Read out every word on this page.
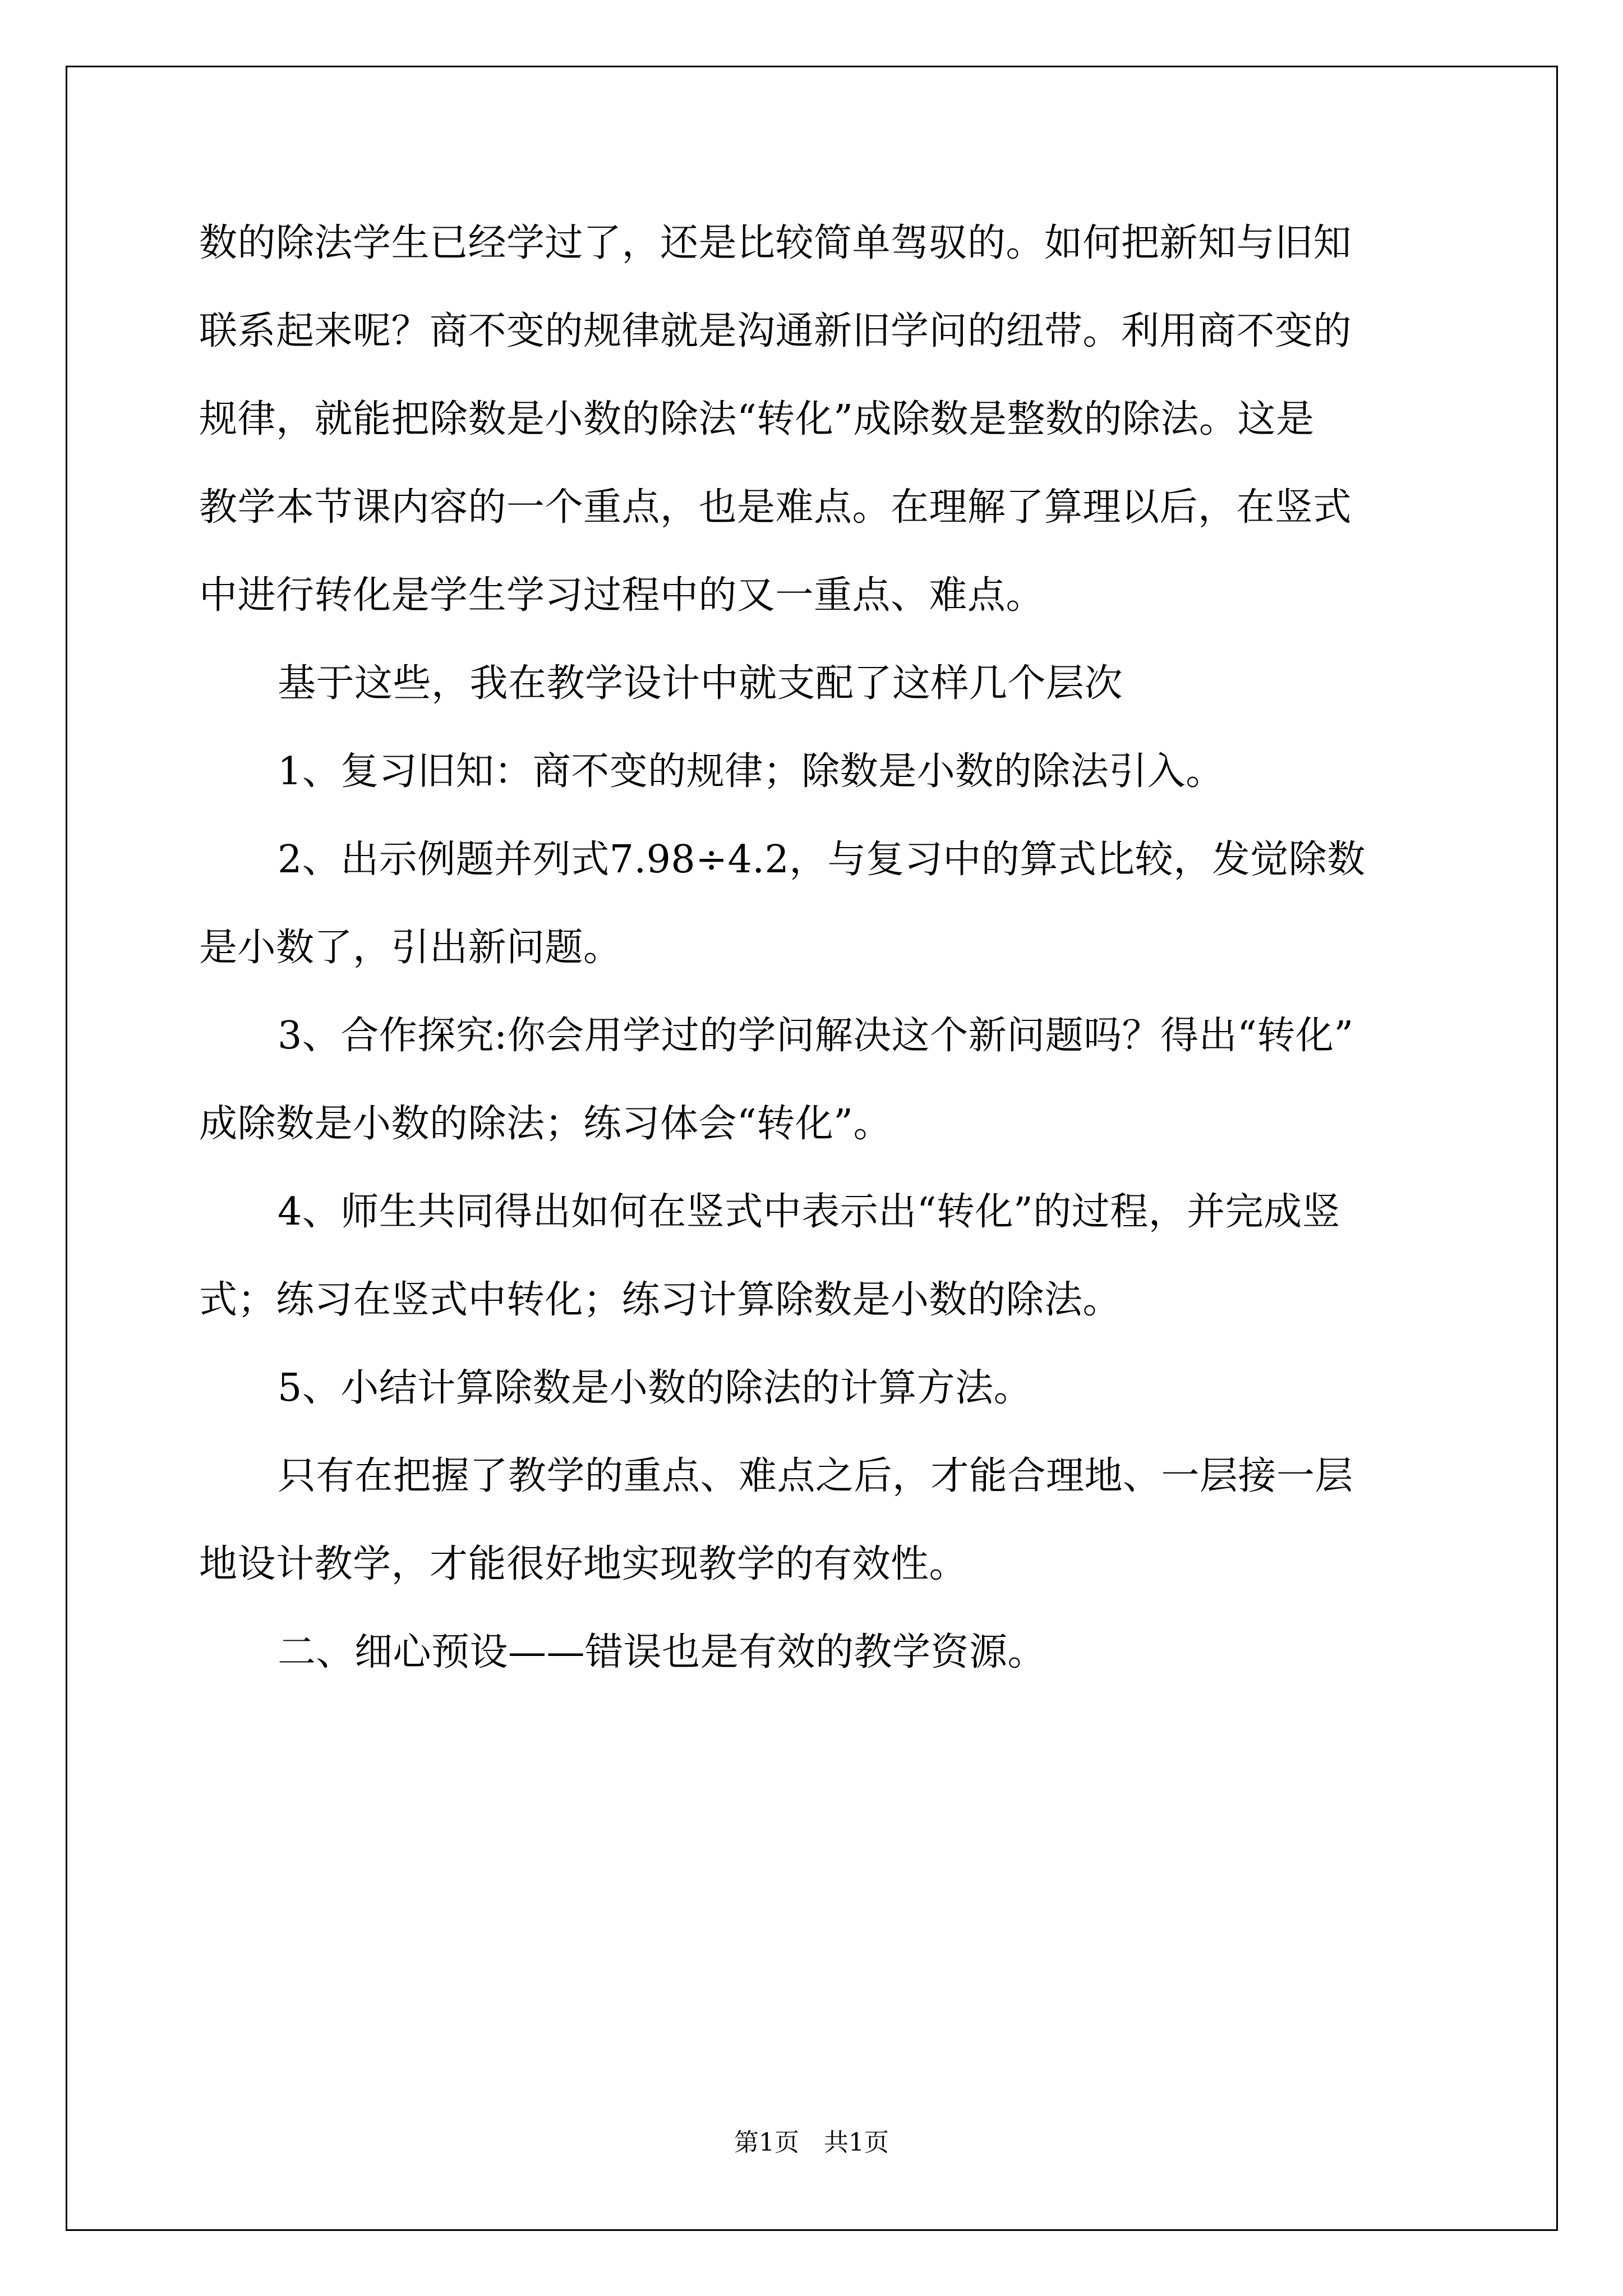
数的除法学生已经学过了，还是比较简单驾驭的。如何把新知与旧知

联系起来呢？商不变的规律就是沟通新旧学问的纽带。利用商不变的

规律，就能把除数是小数的除法“转化”成除数是整数的除法。这是

教学本节课内容的一个重点，也是难点。在理解了算理以后，在竖式

中进行转化是学生学习过程中的又一重点、难点。

基于这些，我在教学设计中就支配了这样几个层次

1、复习旧知：商不变的规律；除数是小数的除法引入。

2、出示例题并列式7.98÷4.2，与复习中的算式比较，发觉除数

是小数了，引出新问题。

3、合作探究:你会用学过的学问解决这个新问题吗？得出“转化”

成除数是小数的除法；练习体会“转化”。

4、师生共同得出如何在竖式中表示出“转化”的过程，并完成竖

式；练习在竖式中转化；练习计算除数是小数的除法。

5、小结计算除数是小数的除法的计算方法。

只有在把握了教学的重点、难点之后，才能合理地、一层接一层

地设计教学，才能很好地实现教学的有效性。

二、细心预设——错误也是有效的教学资源。

第1页　共1页
